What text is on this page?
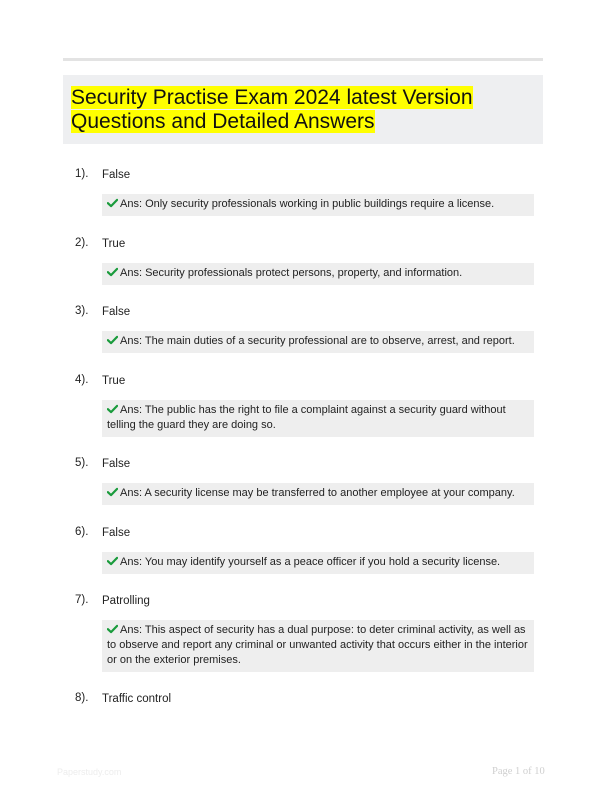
Security Practise Exam 2024 latest Version Questions and Detailed Answers
1). False
Ans: Only security professionals working in public buildings require a license.
2). True
Ans: Security professionals protect persons, property, and information.
3). False
Ans: The main duties of a security professional are to observe, arrest, and report.
4). True
Ans: The public has the right to file a complaint against a security guard without telling the guard they are doing so.
5). False
Ans: A security license may be transferred to another employee at your company.
6). False
Ans: You may identify yourself as a peace officer if you hold a security license.
7). Patrolling
Ans: This aspect of security has a dual purpose: to deter criminal activity, as well as to observe and report any criminal or unwanted activity that occurs either in the interior or on the exterior premises.
8). Traffic control
Paperstudy.com	Page 1 of 10
